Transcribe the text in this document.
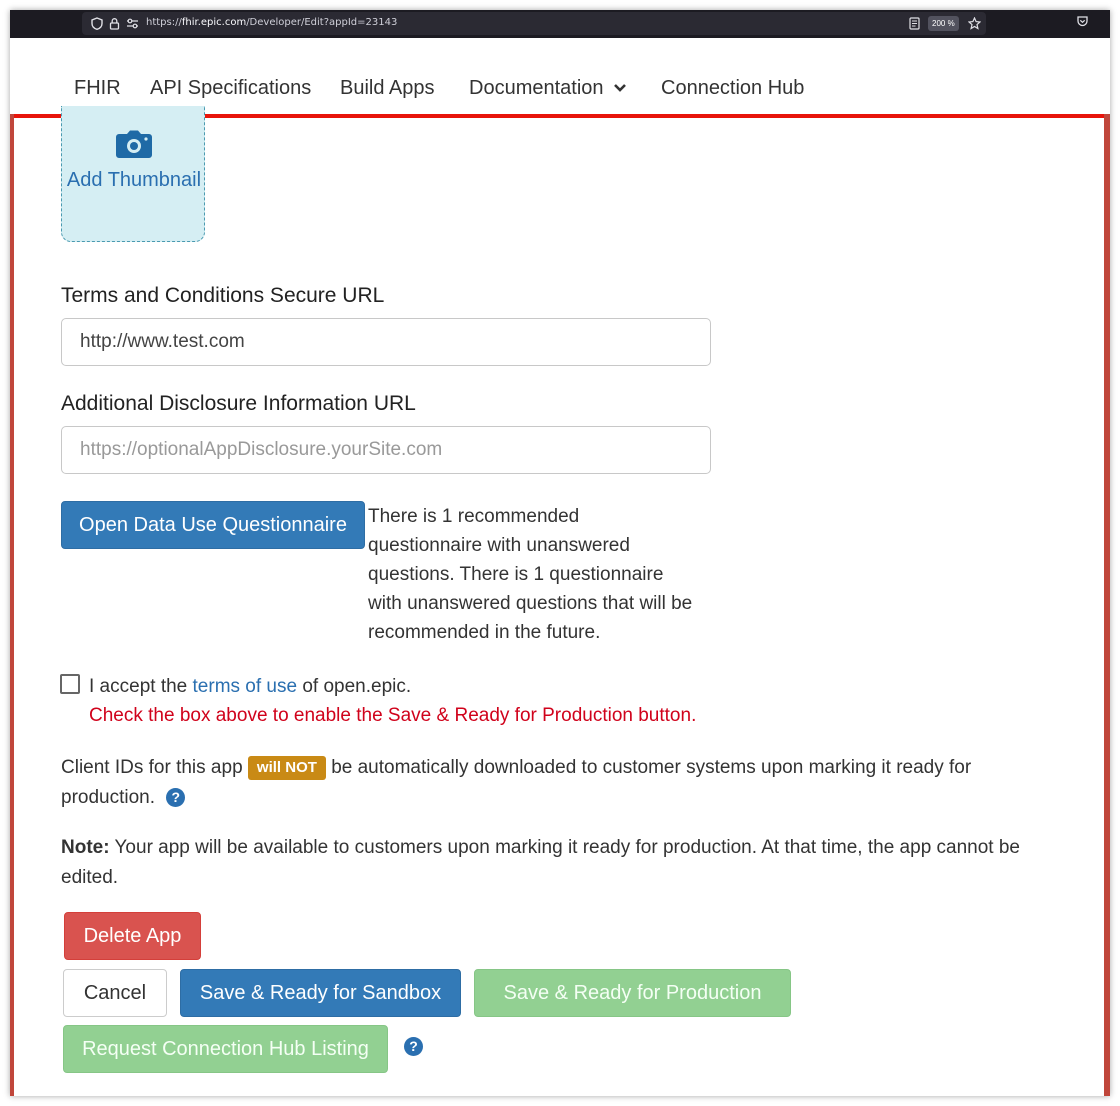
https://fhir.epic.com/Developer/Edit?appId=23143	200 %
FHIR API Specifications Build Apps Documentation	Connection Hub
Add Thumbnail
Terms and Conditions Secure URL
http://www.test.com
Additional Disclosure Information URL
https://optionalAppDisclosure.yourSite.com
Open Data Use Questionnaire	There is 1 recommended questionnaire with unanswered questions. There is 1 questionnaire with unanswered questions that will be recommended in the future.
I accept the terms of use of open.epic.
Check the box above to enable the Save & Ready for Production button.
Client IDs for this app will NOT be automatically downloaded to customer systems upon marking it ready for production. ?
Note: Your app will be available to customers upon marking it ready for production. At that time, the app cannot be edited.
Delete App
Cancel	Save & Ready for Sandbox	Save & Ready for Production
Request Connection Hub Listing	?
